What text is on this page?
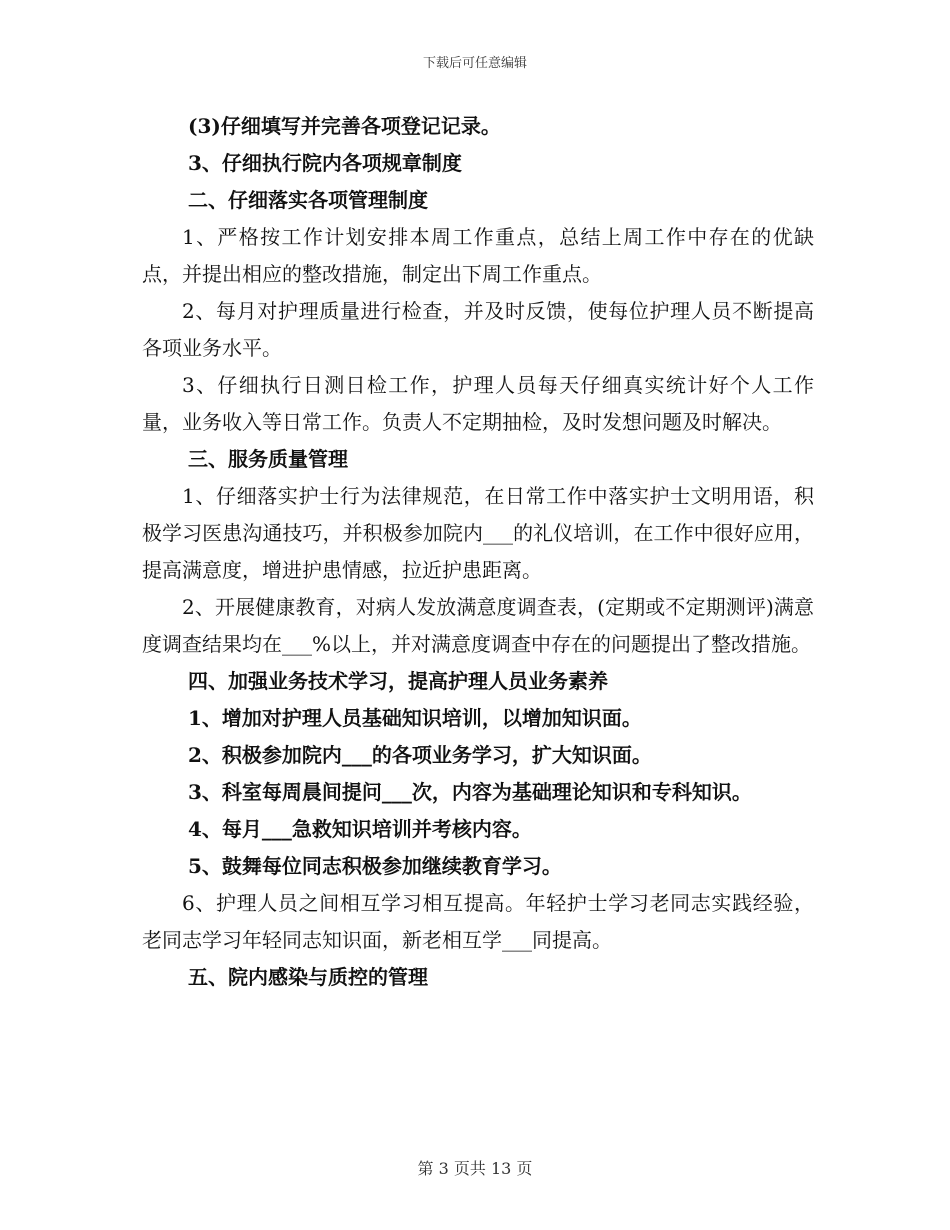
下载后可任意编辑

(3)仔细填写并完善各项登记记录。

3、仔细执行院内各项规章制度

二、仔细落实各项管理制度

1、严格按工作计划安排本周工作重点，总结上周工作中存在的优缺点，并提出相应的整改措施，制定出下周工作重点。

2、每月对护理质量进行检查，并及时反馈，使每位护理人员不断提高各项业务水平。

3、仔细执行日测日检工作，护理人员每天仔细真实统计好个人工作量，业务收入等日常工作。负责人不定期抽检，及时发想问题及时解决。

三、服务质量管理

1、仔细落实护士行为法律规范，在日常工作中落实护士文明用语，积极学习医患沟通技巧，并积极参加院内___的礼仪培训，在工作中很好应用，提高满意度，增进护患情感，拉近护患距离。

2、开展健康教育，对病人发放满意度调查表，(定期或不定期测评)满意度调查结果均在___%以上，并对满意度调查中存在的问题提出了整改措施。

四、加强业务技术学习，提高护理人员业务素养

1、增加对护理人员基础知识培训，以增加知识面。

2、积极参加院内___的各项业务学习，扩大知识面。

3、科室每周晨间提问___次，内容为基础理论知识和专科知识。

4、每月___急救知识培训并考核内容。

5、鼓舞每位同志积极参加继续教育学习。

6、护理人员之间相互学习相互提高。年轻护士学习老同志实践经验，老同志学习年轻同志知识面，新老相互学___同提高。

五、院内感染与质控的管理

第 3 页共 13 页
